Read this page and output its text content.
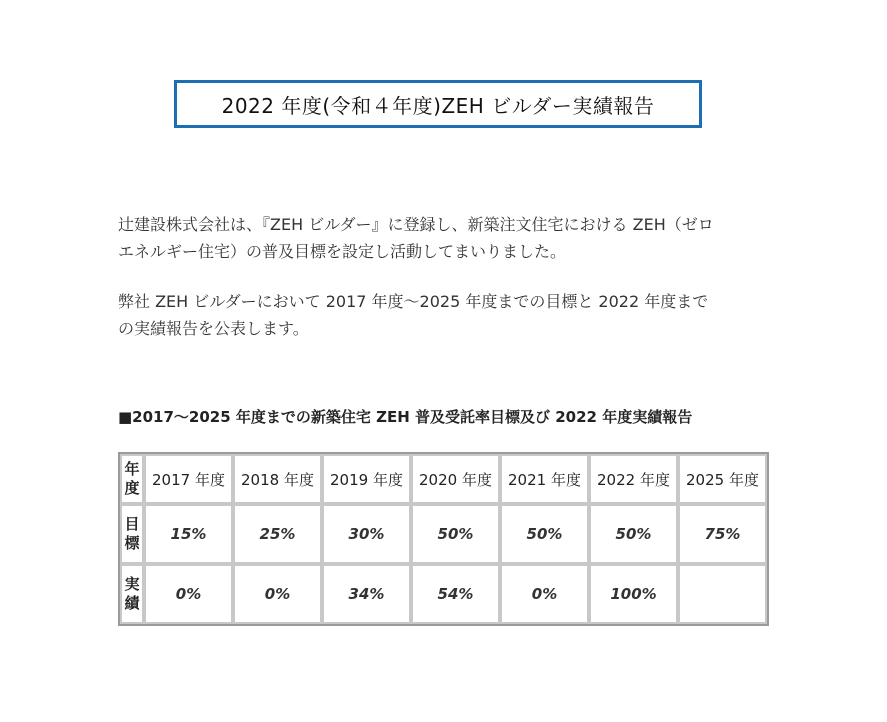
2022 年度(令和４年度)ZEH ビルダー実績報告
辻建設株式会社は、『ZEH ビルダー』に登録し、新築注文住宅における ZEH（ゼロ
エネルギー住宅）の普及目標を設定し活動してまいりました。
弊社 ZEH ビルダーにおいて 2017 年度～2025 年度までの目標と 2022 年度まで
の実績報告を公表します。
■2017～2025 年度までの新築住宅 ZEH 普及受託率目標及び 2022 年度実績報告
年
度	2017 年度	2018 年度	2019 年度	2020 年度	2021 年度	2022 年度	2025 年度

目
標	15%	25%	30%	50%	50%	50%	75%

実
績	0%	0%	34%	54%	0%	100%	
